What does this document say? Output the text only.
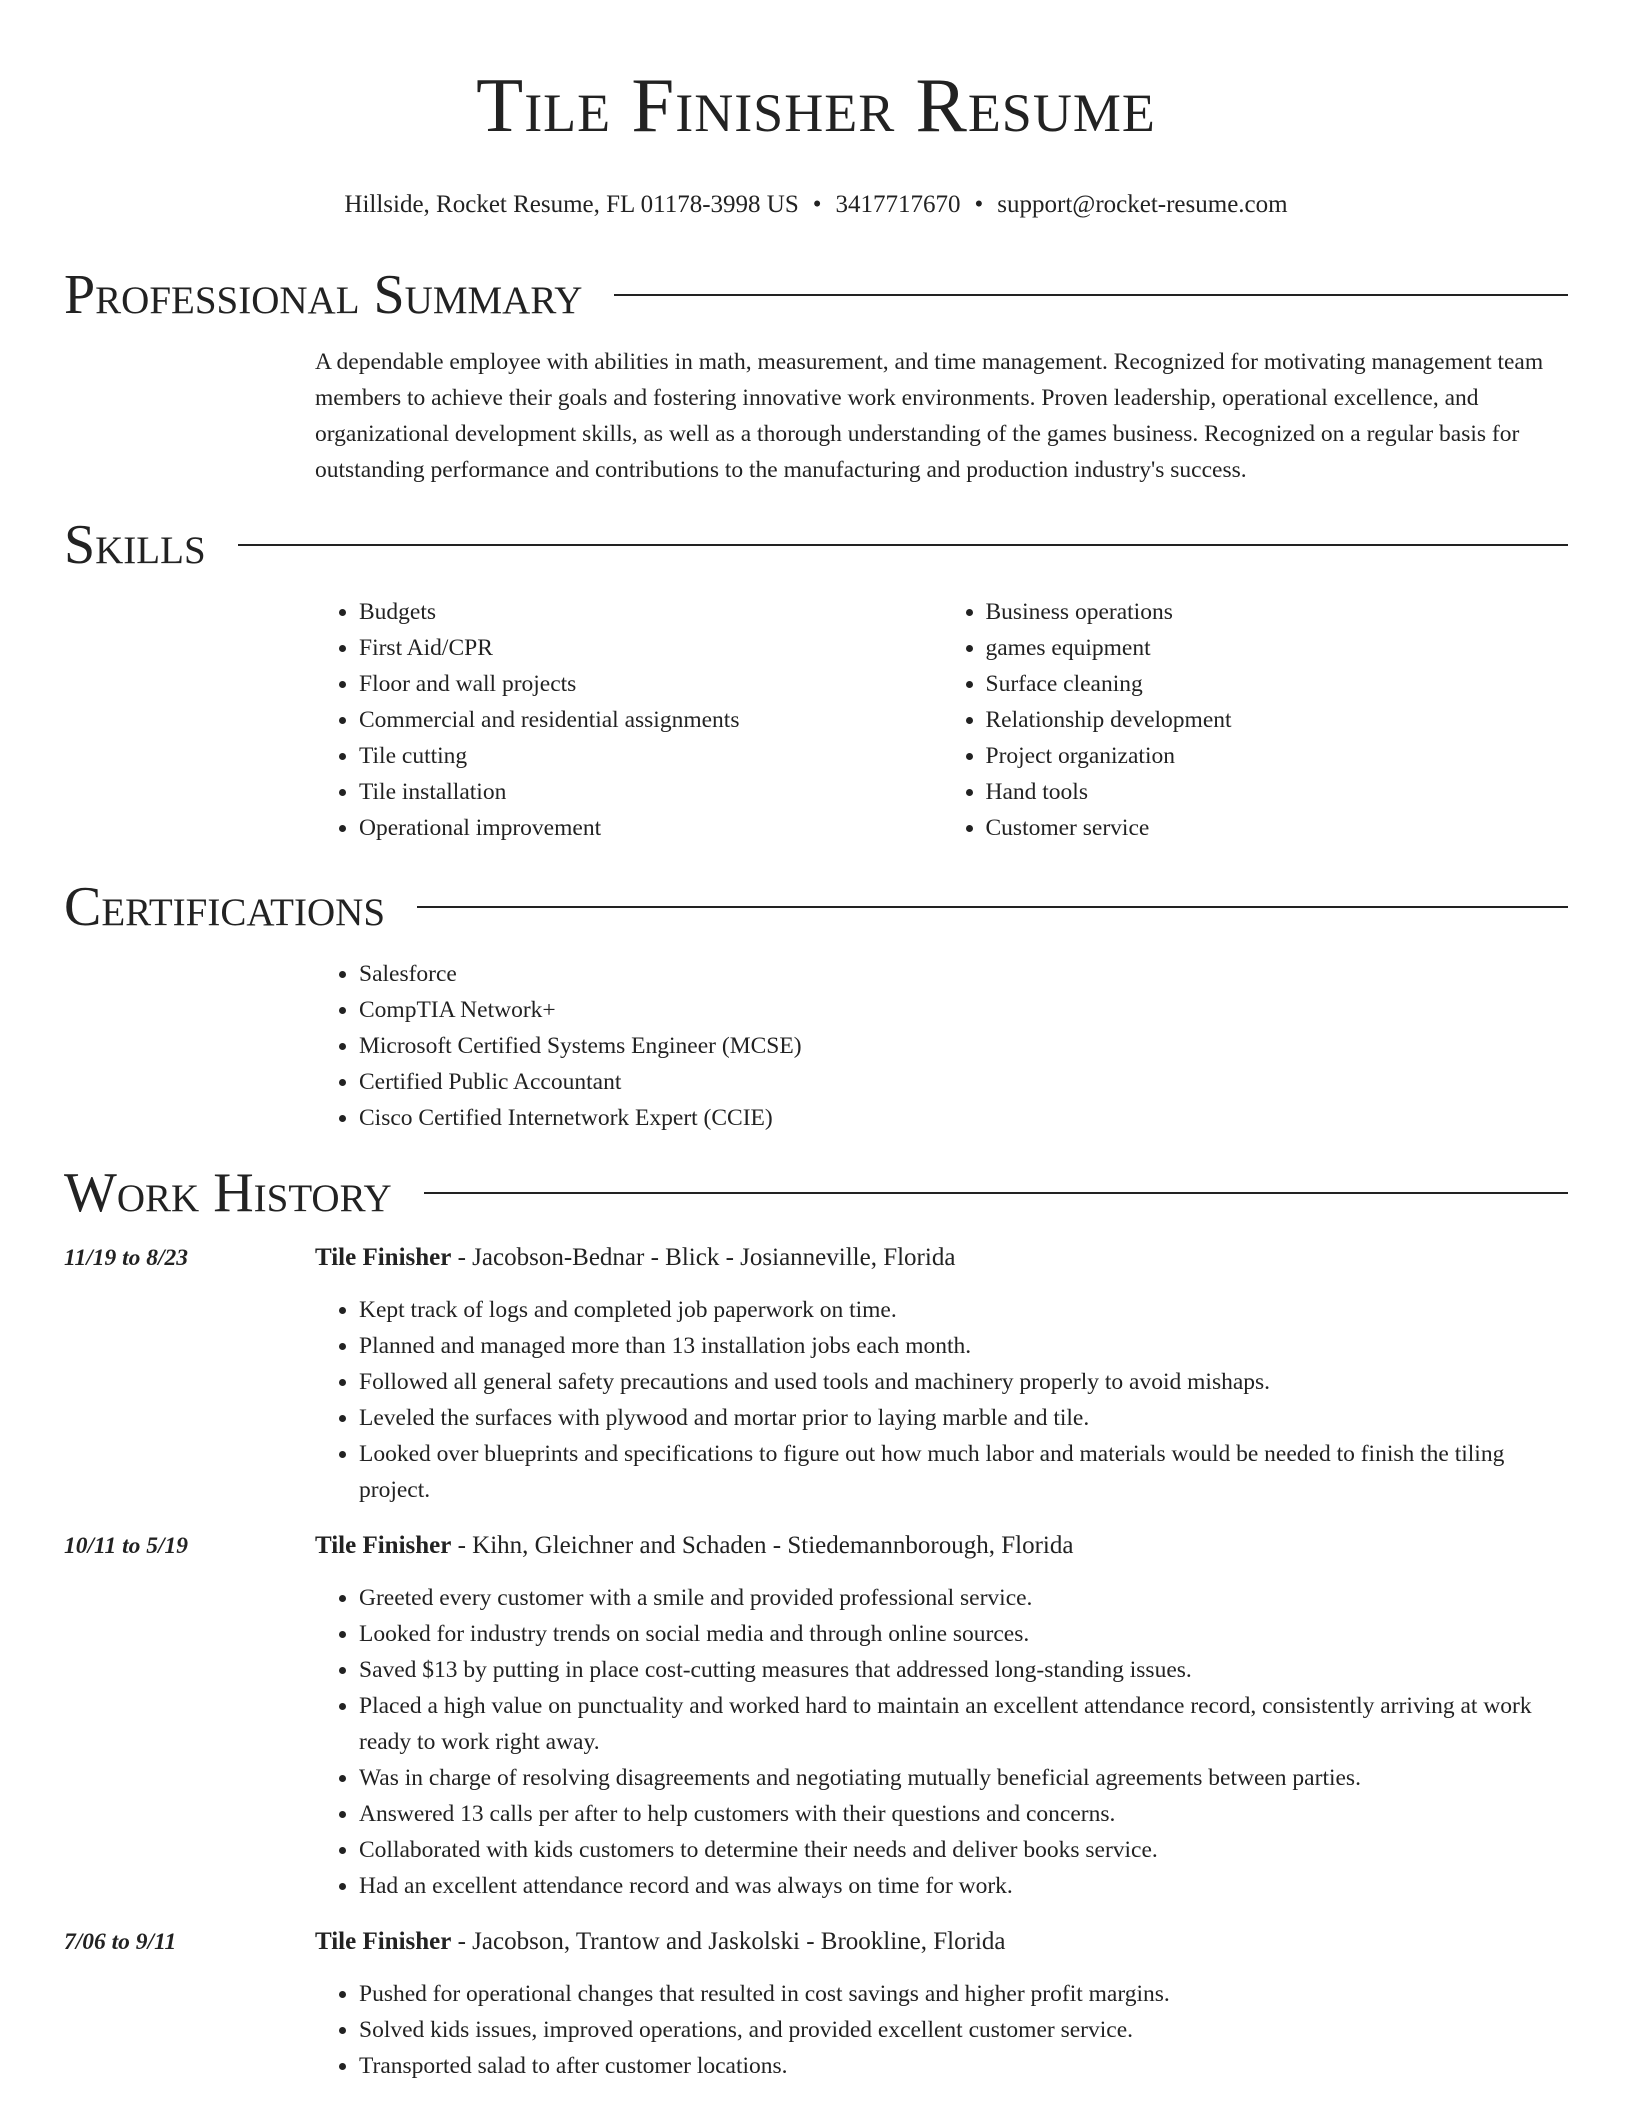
Tile Finisher Resume
Hillside, Rocket Resume, FL 01178-3998 US • 3417717670 • support@rocket-resume.com
Professional Summary
A dependable employee with abilities in math, measurement, and time management. Recognized for motivating management team members to achieve their goals and fostering innovative work environments. Proven leadership, operational excellence, and organizational development skills, as well as a thorough understanding of the games business. Recognized on a regular basis for outstanding performance and contributions to the manufacturing and production industry's success.
Skills
• Budgets
• First Aid/CPR
• Floor and wall projects
• Commercial and residential assignments
• Tile cutting
• Tile installation
• Operational improvement
• Business operations
• games equipment
• Surface cleaning
• Relationship development
• Project organization
• Hand tools
• Customer service
Certifications
• Salesforce
• CompTIA Network+
• Microsoft Certified Systems Engineer (MCSE)
• Certified Public Accountant
• Cisco Certified Internetwork Expert (CCIE)
Work History
11/19 to 8/23	Tile Finisher - Jacobson-Bednar - Blick - Josianneville, Florida
• Kept track of logs and completed job paperwork on time.
• Planned and managed more than 13 installation jobs each month.
• Followed all general safety precautions and used tools and machinery properly to avoid mishaps.
• Leveled the surfaces with plywood and mortar prior to laying marble and tile.
• Looked over blueprints and specifications to figure out how much labor and materials would be needed to finish the tiling project.
10/11 to 5/19	Tile Finisher - Kihn, Gleichner and Schaden - Stiedemannborough, Florida
• Greeted every customer with a smile and provided professional service.
• Looked for industry trends on social media and through online sources.
• Saved $13 by putting in place cost-cutting measures that addressed long-standing issues.
• Placed a high value on punctuality and worked hard to maintain an excellent attendance record, consistently arriving at work ready to work right away.
• Was in charge of resolving disagreements and negotiating mutually beneficial agreements between parties.
• Answered 13 calls per after to help customers with their questions and concerns.
• Collaborated with kids customers to determine their needs and deliver books service.
• Had an excellent attendance record and was always on time for work.
7/06 to 9/11	Tile Finisher - Jacobson, Trantow and Jaskolski - Brookline, Florida
• Pushed for operational changes that resulted in cost savings and higher profit margins.
• Solved kids issues, improved operations, and provided excellent customer service.
• Transported salad to after customer locations.
